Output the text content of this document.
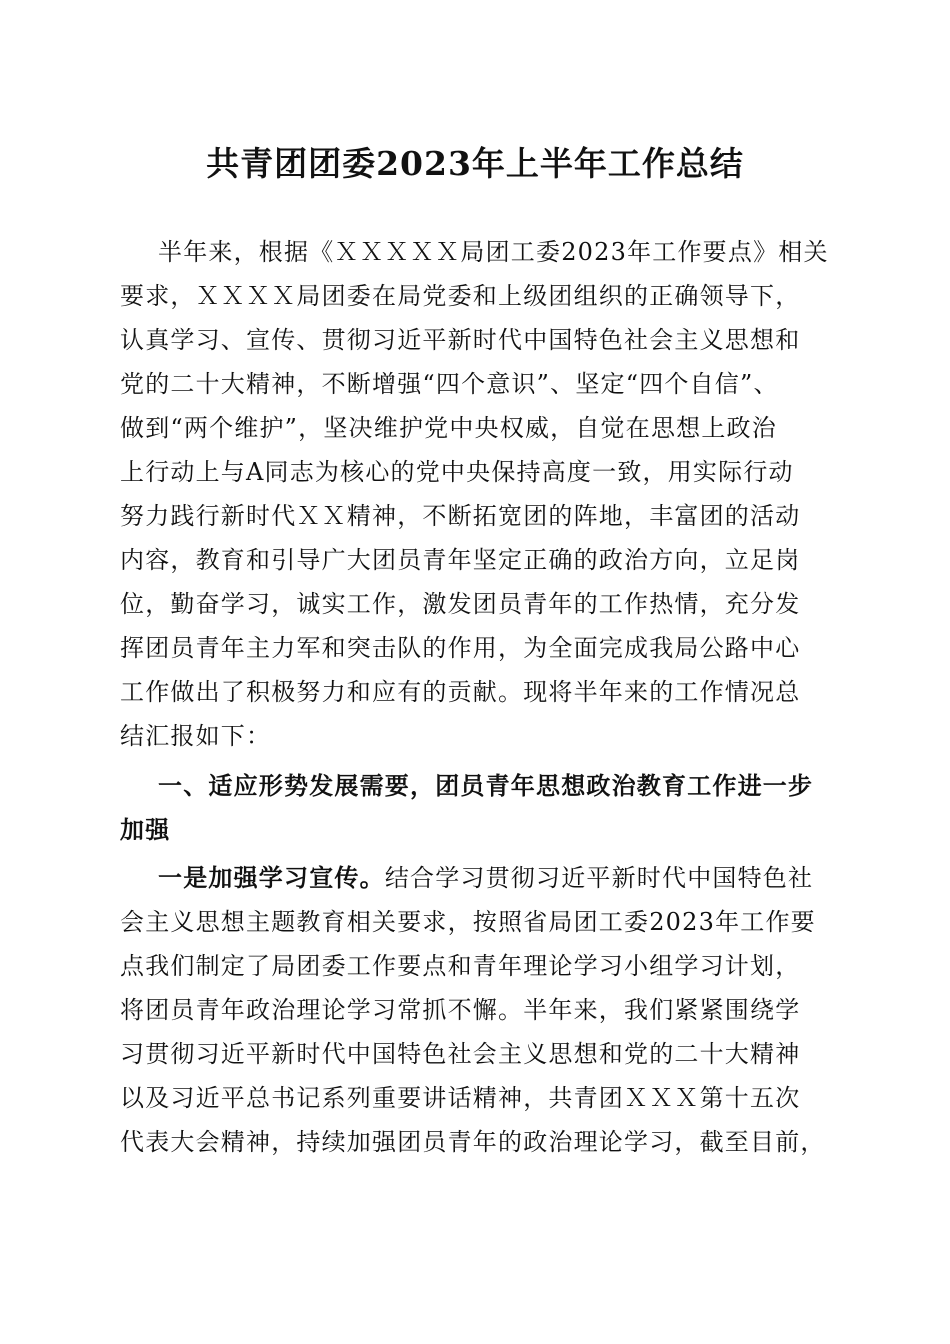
共青团团委2023年上半年工作总结
半年来，根据《ＸＸＸＸＸ局团工委2023年工作要点》相关
要求，ＸＸＸＸ局团委在局党委和上级团组织的正确领导下，
认真学习、宣传、贯彻习近平新时代中国特色社会主义思想和
党的二十大精神，不断增强“四个意识”、坚定“四个自信”、
做到“两个维护”，坚决维护党中央权威，自觉在思想上政治
上行动上与A同志为核心的党中央保持高度一致，用实际行动
努力践行新时代ＸＸ精神，不断拓宽团的阵地，丰富团的活动
内容，教育和引导广大团员青年坚定正确的政治方向，立足岗
位，勤奋学习，诚实工作，激发团员青年的工作热情，充分发
挥团员青年主力军和突击队的作用，为全面完成我局公路中心
工作做出了积极努力和应有的贡献。现将半年来的工作情况总
结汇报如下：
一、适应形势发展需要，团员青年思想政治教育工作进一步
加强
一是加强学习宣传。结合学习贯彻习近平新时代中国特色社
会主义思想主题教育相关要求，按照省局团工委2023年工作要
点我们制定了局团委工作要点和青年理论学习小组学习计划，
将团员青年政治理论学习常抓不懈。半年来，我们紧紧围绕学
习贯彻习近平新时代中国特色社会主义思想和党的二十大精神
以及习近平总书记系列重要讲话精神，共青团ＸＸＸ第十五次
代表大会精神，持续加强团员青年的政治理论学习，截至目前，
